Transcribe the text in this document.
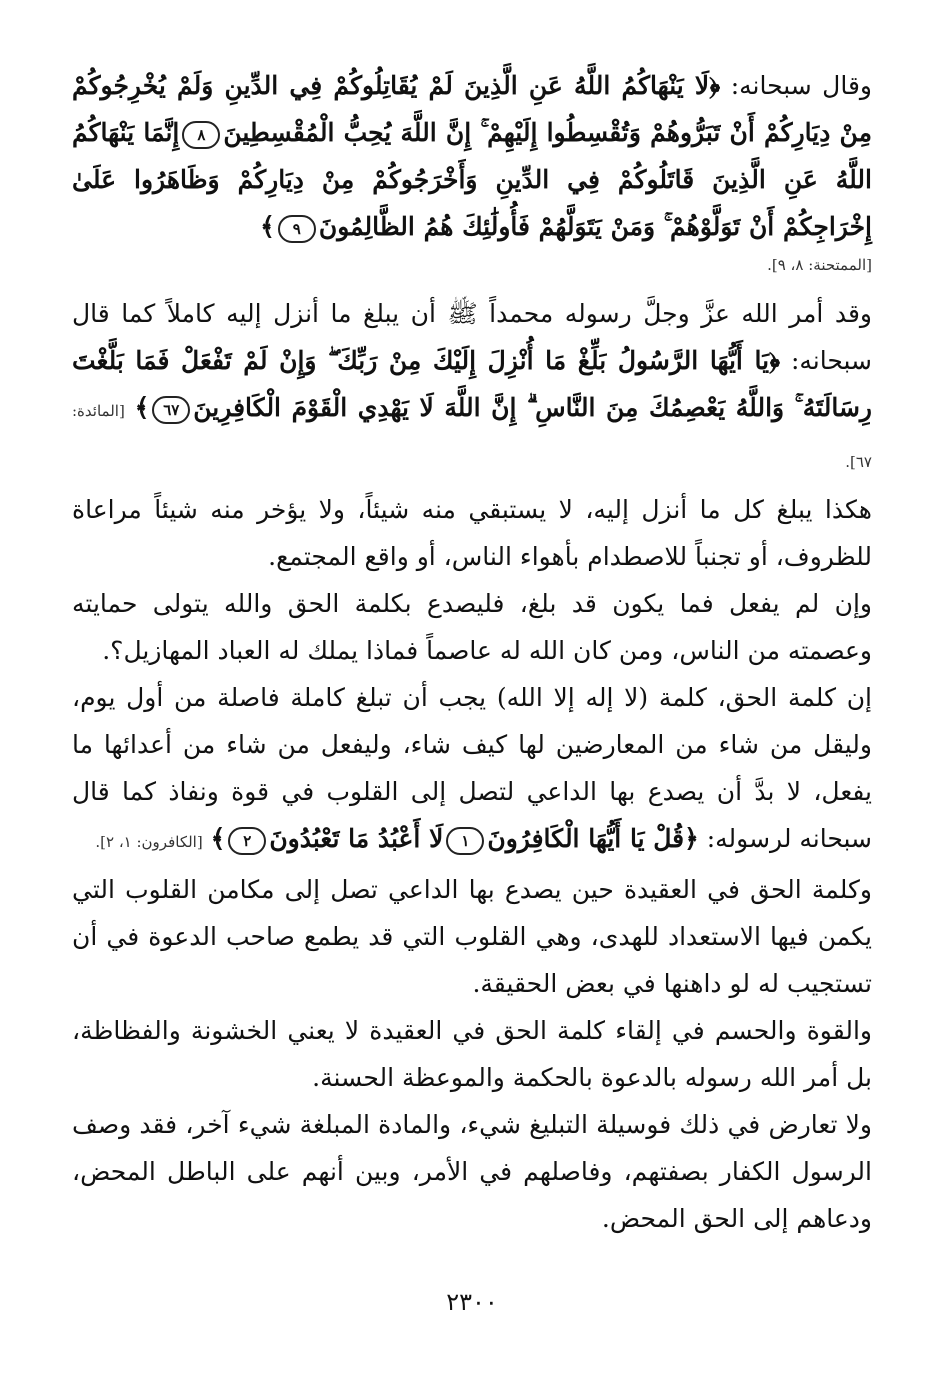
وقال سبحانه: ﴿لَا يَنْهَاكُمُ اللَّهُ عَنِ الَّذِينَ لَمْ يُقَاتِلُوكُمْ فِي الدِّينِ وَلَمْ يُخْرِجُوكُمْ مِنْ دِيَارِكُمْ أَنْ تَبَرُّوهُمْ وَتُقْسِطُوا إِلَيْهِمْ ۚ إِنَّ اللَّهَ يُحِبُّ الْمُقْسِطِينَ٨إِنَّمَا يَنْهَاكُمُ اللَّهُ عَنِ الَّذِينَ قَاتَلُوكُمْ فِي الدِّينِ وَأَخْرَجُوكُمْ مِنْ دِيَارِكُمْ وَظَاهَرُوا عَلَىٰ إِخْرَاجِكُمْ أَنْ تَوَلَّوْهُمْ ۚ وَمَنْ يَتَوَلَّهُمْ فَأُولَٰئِكَ هُمُ الظَّالِمُونَ٩﴾

[الممتحنة: ٨، ٩].

وقد أمر الله عزَّ وجلَّ رسوله محمداً ﷺ أن يبلغ ما أنزل إليه كاملاً كما قال سبحانه: ﴿يَا أَيُّهَا الرَّسُولُ بَلِّغْ مَا أُنْزِلَ إِلَيْكَ مِنْ رَبِّكَ ۖ وَإِنْ لَمْ تَفْعَلْ فَمَا بَلَّغْتَ رِسَالَتَهُ ۚ وَاللَّهُ يَعْصِمُكَ مِنَ النَّاسِ ۗ إِنَّ اللَّهَ لَا يَهْدِي الْقَوْمَ الْكَافِرِينَ٦٧﴾ [المائدة: ٦٧].

هكذا يبلغ كل ما أنزل إليه، لا يستبقي منه شيئاً، ولا يؤخر منه شيئاً مراعاة للظروف، أو تجنباً للاصطدام بأهواء الناس، أو واقع المجتمع.

وإن لم يفعل فما يكون قد بلغ، فليصدع بكلمة الحق والله يتولى حمايته وعصمته من الناس، ومن كان الله له عاصماً فماذا يملك له العباد المهازيل؟.

إن كلمة الحق، كلمة (لا إله إلا الله) يجب أن تبلغ كاملة فاصلة من أول يوم، وليقل من شاء من المعارضين لها كيف شاء، وليفعل من شاء من أعدائها ما يفعل، لا بدَّ أن يصدع بها الداعي لتصل إلى القلوب في قوة ونفاذ كما قال سبحانه لرسوله: ﴿قُلْ يَا أَيُّهَا الْكَافِرُونَ١لَا أَعْبُدُ مَا تَعْبُدُونَ٢﴾ [الكافرون: ١، ٢].

وكلمة الحق في العقيدة حين يصدع بها الداعي تصل إلى مكامن القلوب التي يكمن فيها الاستعداد للهدى، وهي القلوب التي قد يطمع صاحب الدعوة في أن تستجيب له لو داهنها في بعض الحقيقة.

والقوة والحسم في إلقاء كلمة الحق في العقيدة لا يعني الخشونة والفظاظة، بل أمر الله رسوله بالدعوة بالحكمة والموعظة الحسنة.

ولا تعارض في ذلك فوسيلة التبليغ شيء، والمادة المبلغة شيء آخر، فقد وصف الرسول الكفار بصفتهم، وفاصلهم في الأمر، وبين أنهم على الباطل المحض، ودعاهم إلى الحق المحض.

٢٣٠٠
